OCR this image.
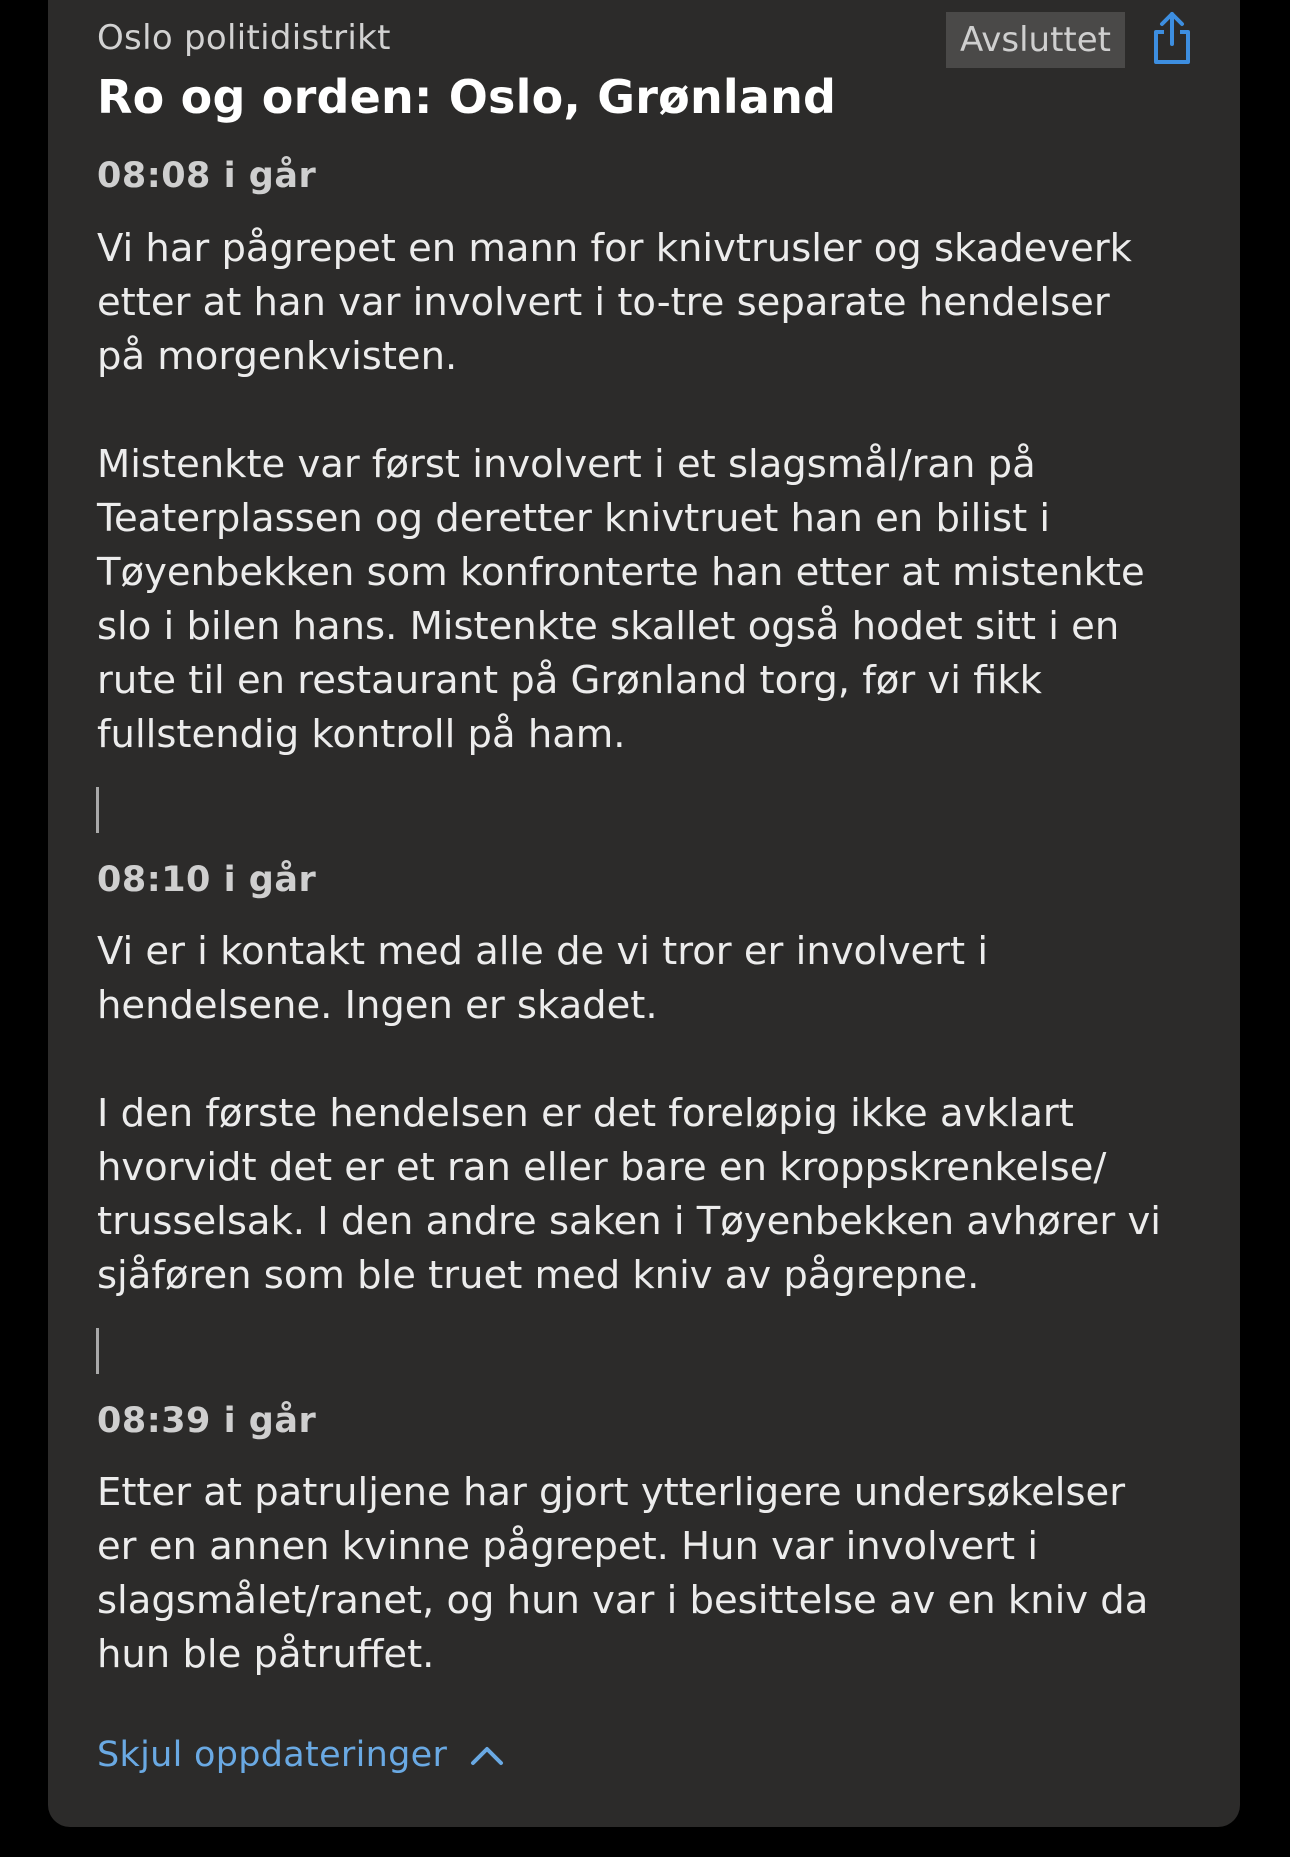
Oslo politidistrikt	Avsluttet
Ro og orden: Oslo, Grønland
08:08 i går

Vi har pågrepet en mann for knivtrusler og skadeverk
etter at han var involvert i to-tre separate hendelser
på morgenkvisten.

Mistenkte var først involvert i et slagsmål/ran på
Teaterplassen og deretter knivtruet han en bilist i
Tøyenbekken som konfronterte han etter at mistenkte
slo i bilen hans. Mistenkte skallet også hodet sitt i en
rute til en restaurant på Grønland torg, før vi fikk
fullstendig kontroll på ham.

08:10 i går

Vi er i kontakt med alle de vi tror er involvert i
hendelsene. Ingen er skadet.

I den første hendelsen er det foreløpig ikke avklart
hvorvidt det er et ran eller bare en kroppskrenkelse/
trusselsak. I den andre saken i Tøyenbekken avhører vi
sjåføren som ble truet med kniv av pågrepne.

08:39 i går

Etter at patruljene har gjort ytterligere undersøkelser
er en annen kvinne pågrepet. Hun var involvert i
slagsmålet/ranet, og hun var i besittelse av en kniv da
hun ble påtruffet.

Skjul oppdateringer
